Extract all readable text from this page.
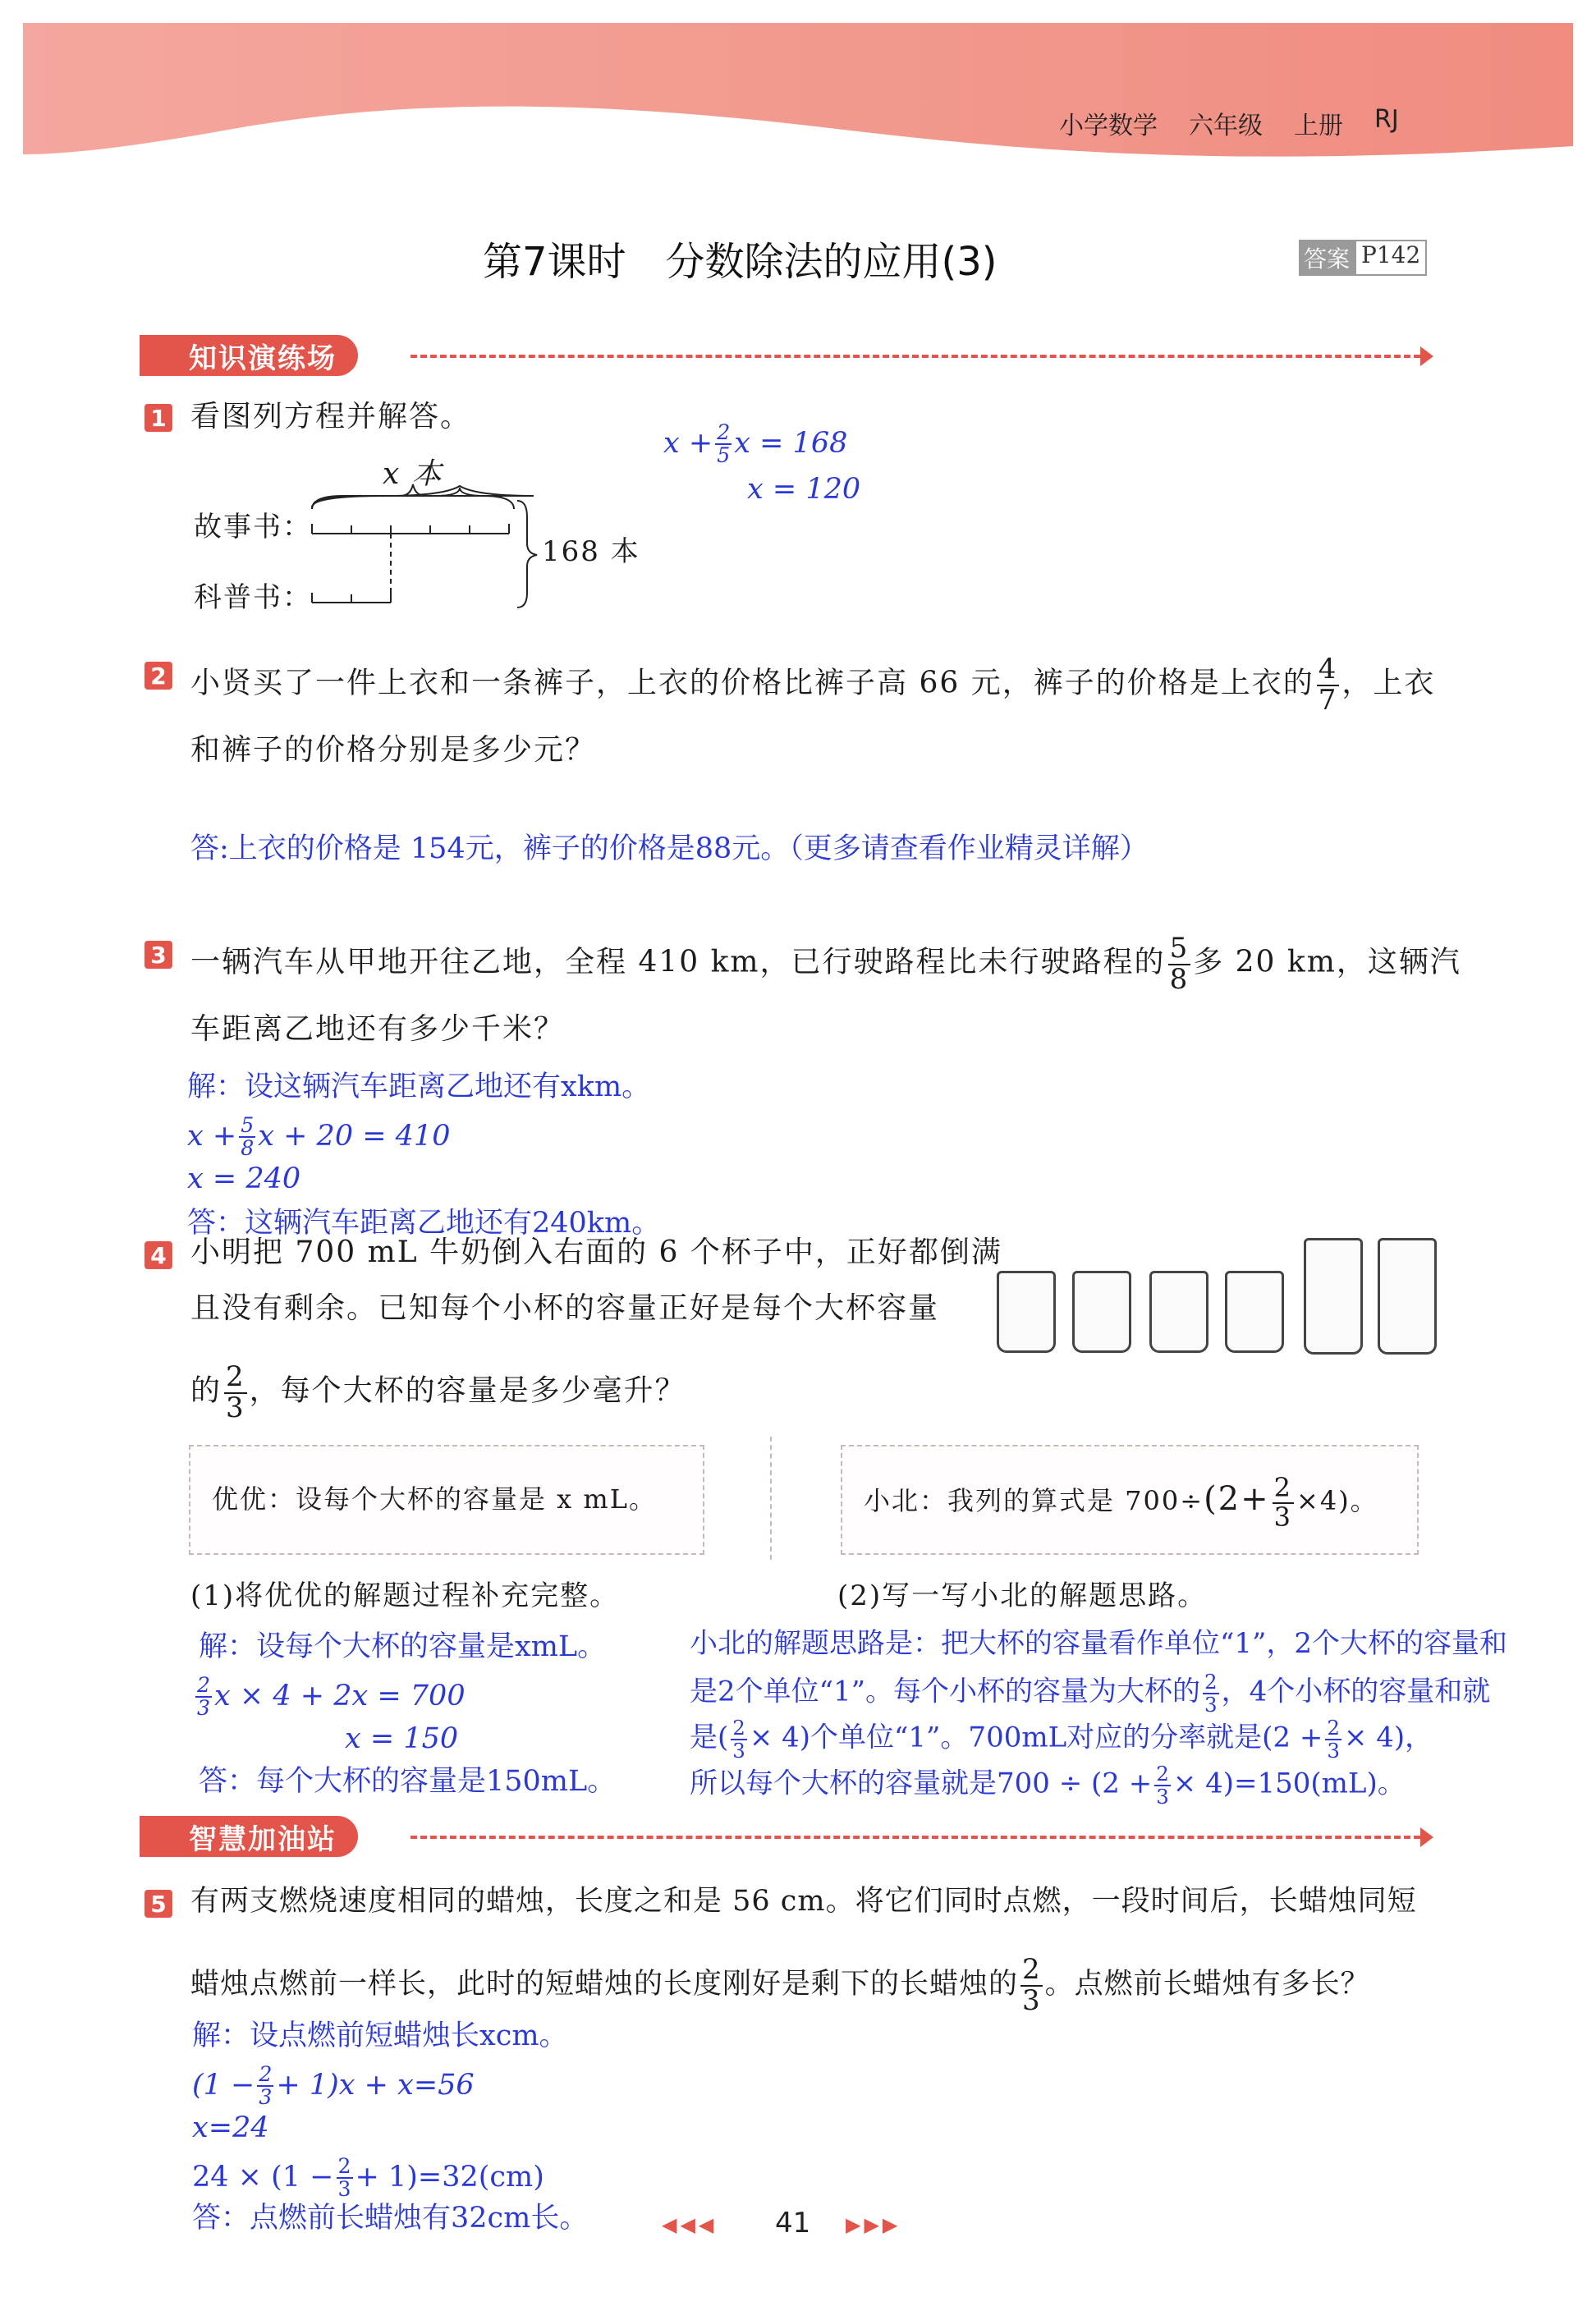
小学数学 六年级 上册 RJ
第7课时　分数除法的应用(3)	答案 P142
知识演练场
✶
1 看图列方程并解答。
x 本
故事书：
科普书：
168 本
$x + \frac{2}{5}$ x = 168
x = 120
2 小贤买了一件上衣和一条裤子，上衣的价格比裤子高 66 元，裤子的价格是上衣的 $\frac{4}{7}$ ，上衣
和裤子的价格分别是多少元？
答:上衣的价格是 154元，裤子的价格是88元。（更多请查看作业精灵详解）
3 一辆汽车从甲地开往乙地，全程 410 km，已行驶路程比未行驶路程的 $\frac{5}{8}$ 多 20 km，这辆汽
车距离乙地还有多少千米？
解：设这辆汽车距离乙地还有xkm。
$x + \frac{5}{8}$ x + 20 = 410
x = 240
答：这辆汽车距离乙地还有240km。
4 小明把 700 mL 牛奶倒入右面的 6 个杯子中，正好都倒满
且没有剩余。已知每个小杯的容量正好是每个大杯容量
的 $\frac{2}{3}$ ，每个大杯的容量是多少毫升？
优优：设每个大杯的容量是 x mL。	小北：我列的算式是 $700\div(2+ \frac{2}{3} \times 4)$。
(1)将优优的解题过程补充完整。	(2)写一写小北的解题思路。
解：设每个大杯的容量是xmL。
$\frac{2}{3}$ x × 4 + 2x = 700
x = 150
答：每个大杯的容量是150mL。
小北的解题思路是：把大杯的容量看作单位“1”，2个大杯的容量和
是2个单位“1”。每个小杯的容量为大杯的 $\frac{2}{3}$ ，4个小杯的容量和就
是( $\frac{2}{3} \times 4$)个单位“1”。700mL对应的分率就是$(2 + \frac{2}{3} \times 4)$，
所以每个大杯的容量就是$700 \div (2 + \frac{2}{3} \times 4)=150(mL)$。
智慧加油站
✶
5 有两支燃烧速度相同的蜡烛，长度之和是 56 cm。将它们同时点燃，一段时间后，长蜡烛同短
蜡烛点燃前一样长，此时的短蜡烛的长度刚好是剩下的长蜡烛的 $\frac{2}{3}$ 。点燃前长蜡烛有多长？
解：设点燃前短蜡烛长xcm。
$(1 - \frac{2}{3} + 1)x + x=56$
x=24
$24 \times (1 - \frac{2}{3} + 1)=32(cm)$
答：点燃前长蜡烛有32cm长。	◀◀◀ 41 ▶▶▶
